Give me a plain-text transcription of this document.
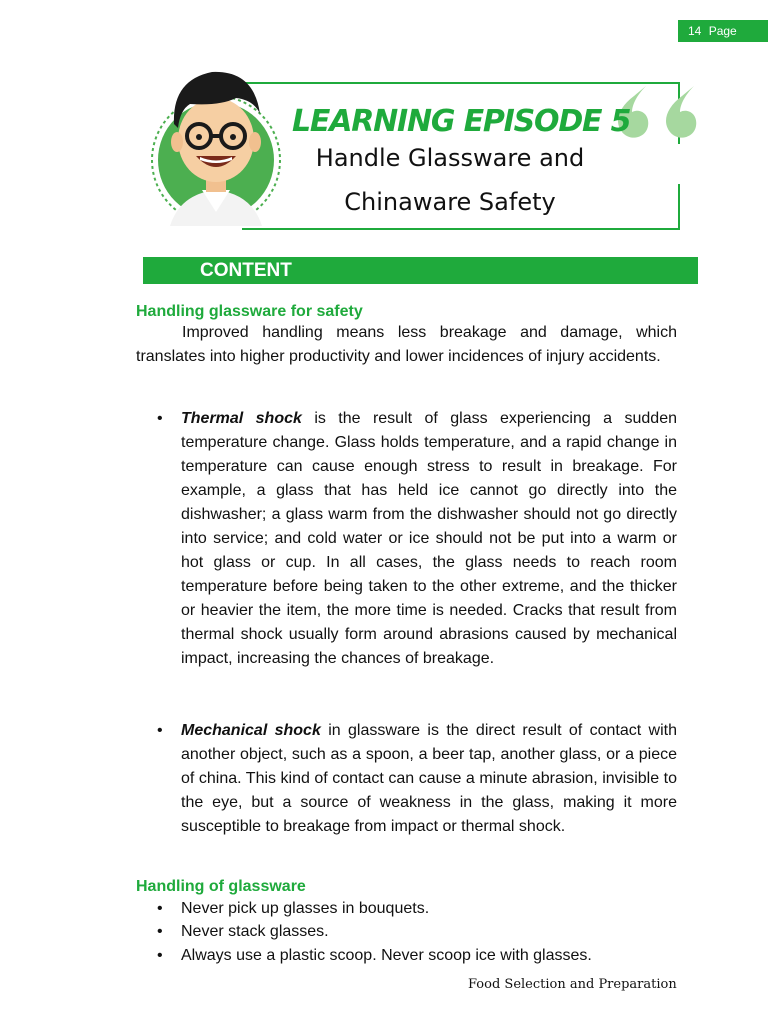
14 Page
LEARNING EPISODE 5
Handle Glassware and
Chinaware Safety
CONTENT
Handling glassware for safety
Improved handling means less breakage and damage, which translates into higher productivity and lower incidences of injury accidents.
• Thermal shock is the result of glass experiencing a sudden temperature change. Glass holds temperature, and a rapid change in temperature can cause enough stress to result in breakage. For example, a glass that has held ice cannot go directly into the dishwasher; a glass warm from the dishwasher should not go directly into service; and cold water or ice should not be put into a warm or hot glass or cup. In all cases, the glass needs to reach room temperature before being taken to the other extreme, and the thicker or heavier the item, the more time is needed. Cracks that result from thermal shock usually form around abrasions caused by mechanical impact, increasing the chances of breakage.
• Mechanical shock in glassware is the direct result of contact with another object, such as a spoon, a beer tap, another glass, or a piece of china. This kind of contact can cause a minute abrasion, invisible to the eye, but a source of weakness in the glass, making it more susceptible to breakage from impact or thermal shock.
Handling of glassware
• Never pick up glasses in bouquets.
• Never stack glasses.
• Always use a plastic scoop. Never scoop ice with glasses.
Food Selection and Preparation
